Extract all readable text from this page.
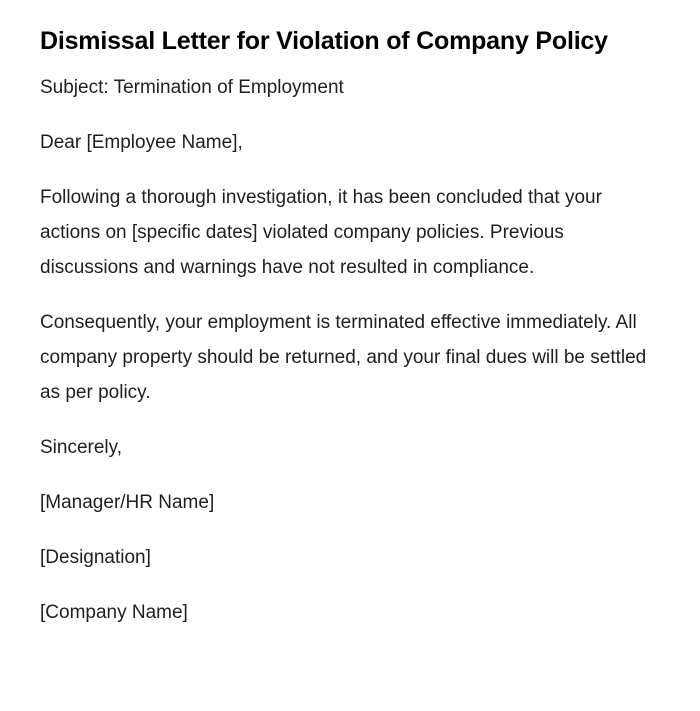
Dismissal Letter for Violation of Company Policy

Subject: Termination of Employment

Dear [Employee Name],

Following a thorough investigation, it has been concluded that your actions on [specific dates] violated company policies. Previous discussions and warnings have not resulted in compliance.

Consequently, your employment is terminated effective immediately. All company property should be returned, and your final dues will be settled as per policy.

Sincerely,

[Manager/HR Name]

[Designation]

[Company Name]
